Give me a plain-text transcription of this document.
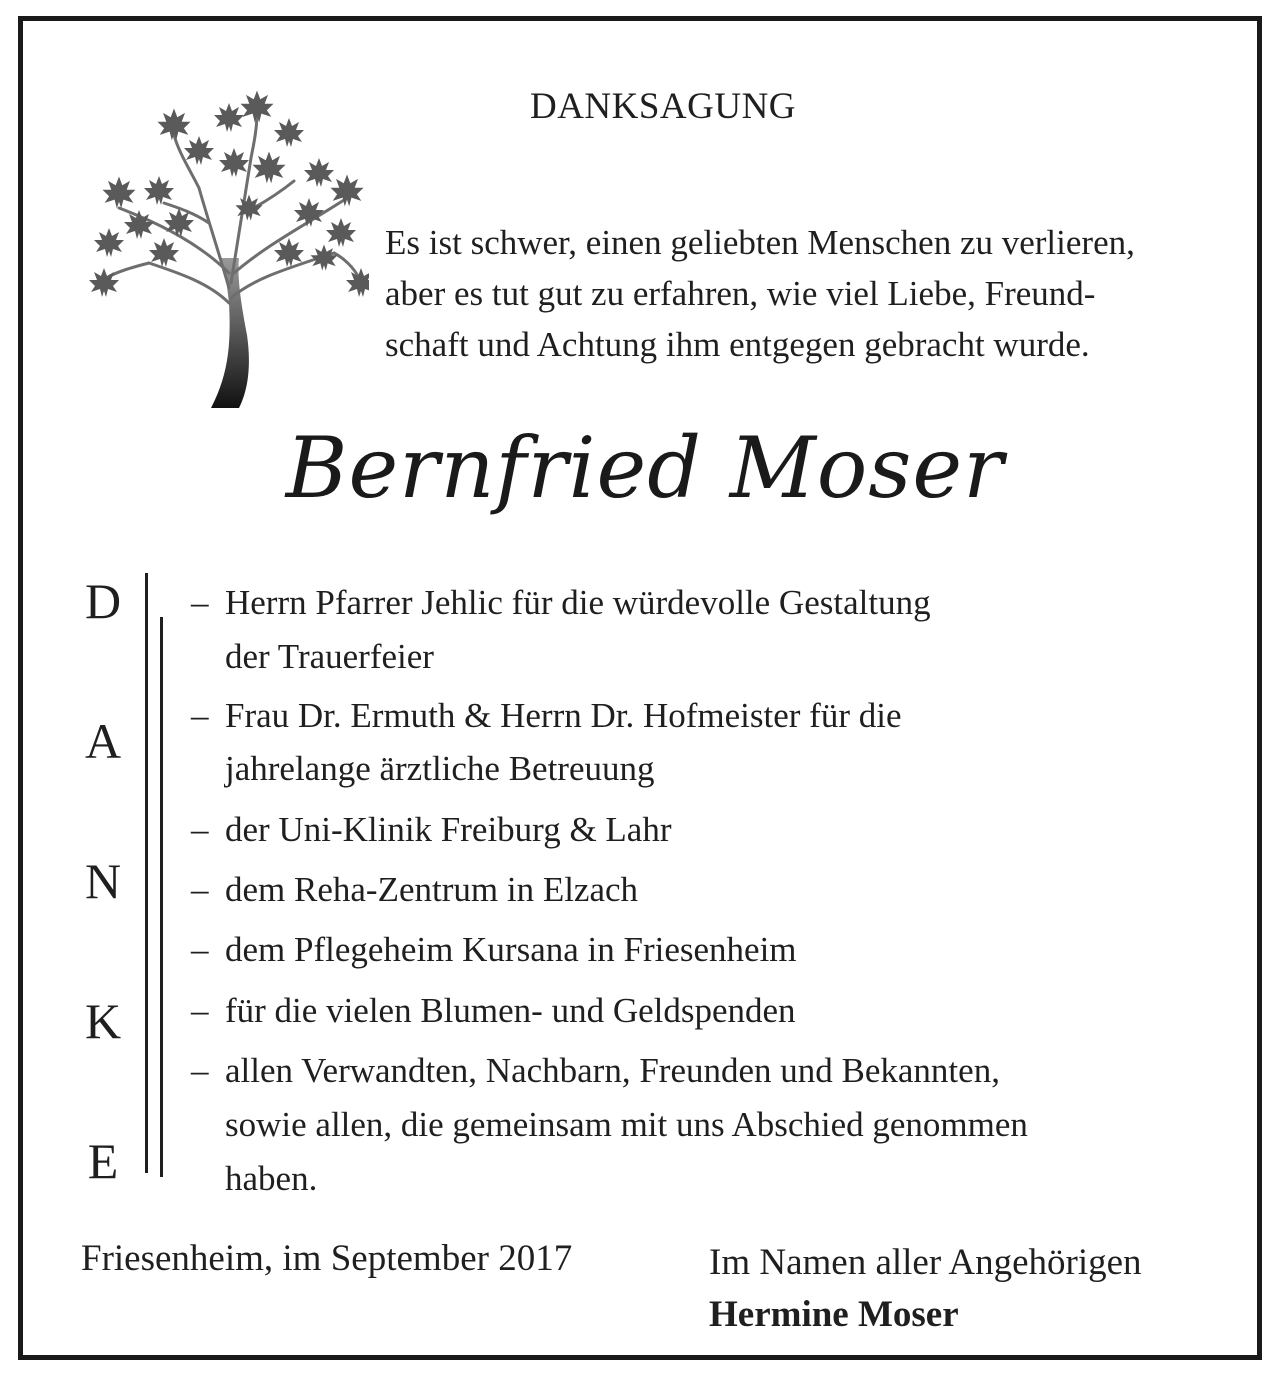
DANKSAGUNG
Es ist schwer, einen geliebten Menschen zu verlieren,
aber es tut gut zu erfahren, wie viel Liebe, Freund-
schaft und Achtung ihm entgegen gebracht wurde.
Bernfried Moser
D
A
N
K
E
– Herrn Pfarrer Jehlic für die würdevolle Gestaltung
der Trauerfeier
– Frau Dr. Ermuth & Herrn Dr. Hofmeister für die
jahrelange ärztliche Betreuung
– der Uni-Klinik Freiburg & Lahr
– dem Reha-Zentrum in Elzach
– dem Pflegeheim Kursana in Friesenheim
– für die vielen Blumen- und Geldspenden
– allen Verwandten, Nachbarn, Freunden und Bekannten,
sowie allen, die gemeinsam mit uns Abschied genommen
haben.
Friesenheim, im September 2017	Im Namen aller Angehörigen
Hermine Moser
